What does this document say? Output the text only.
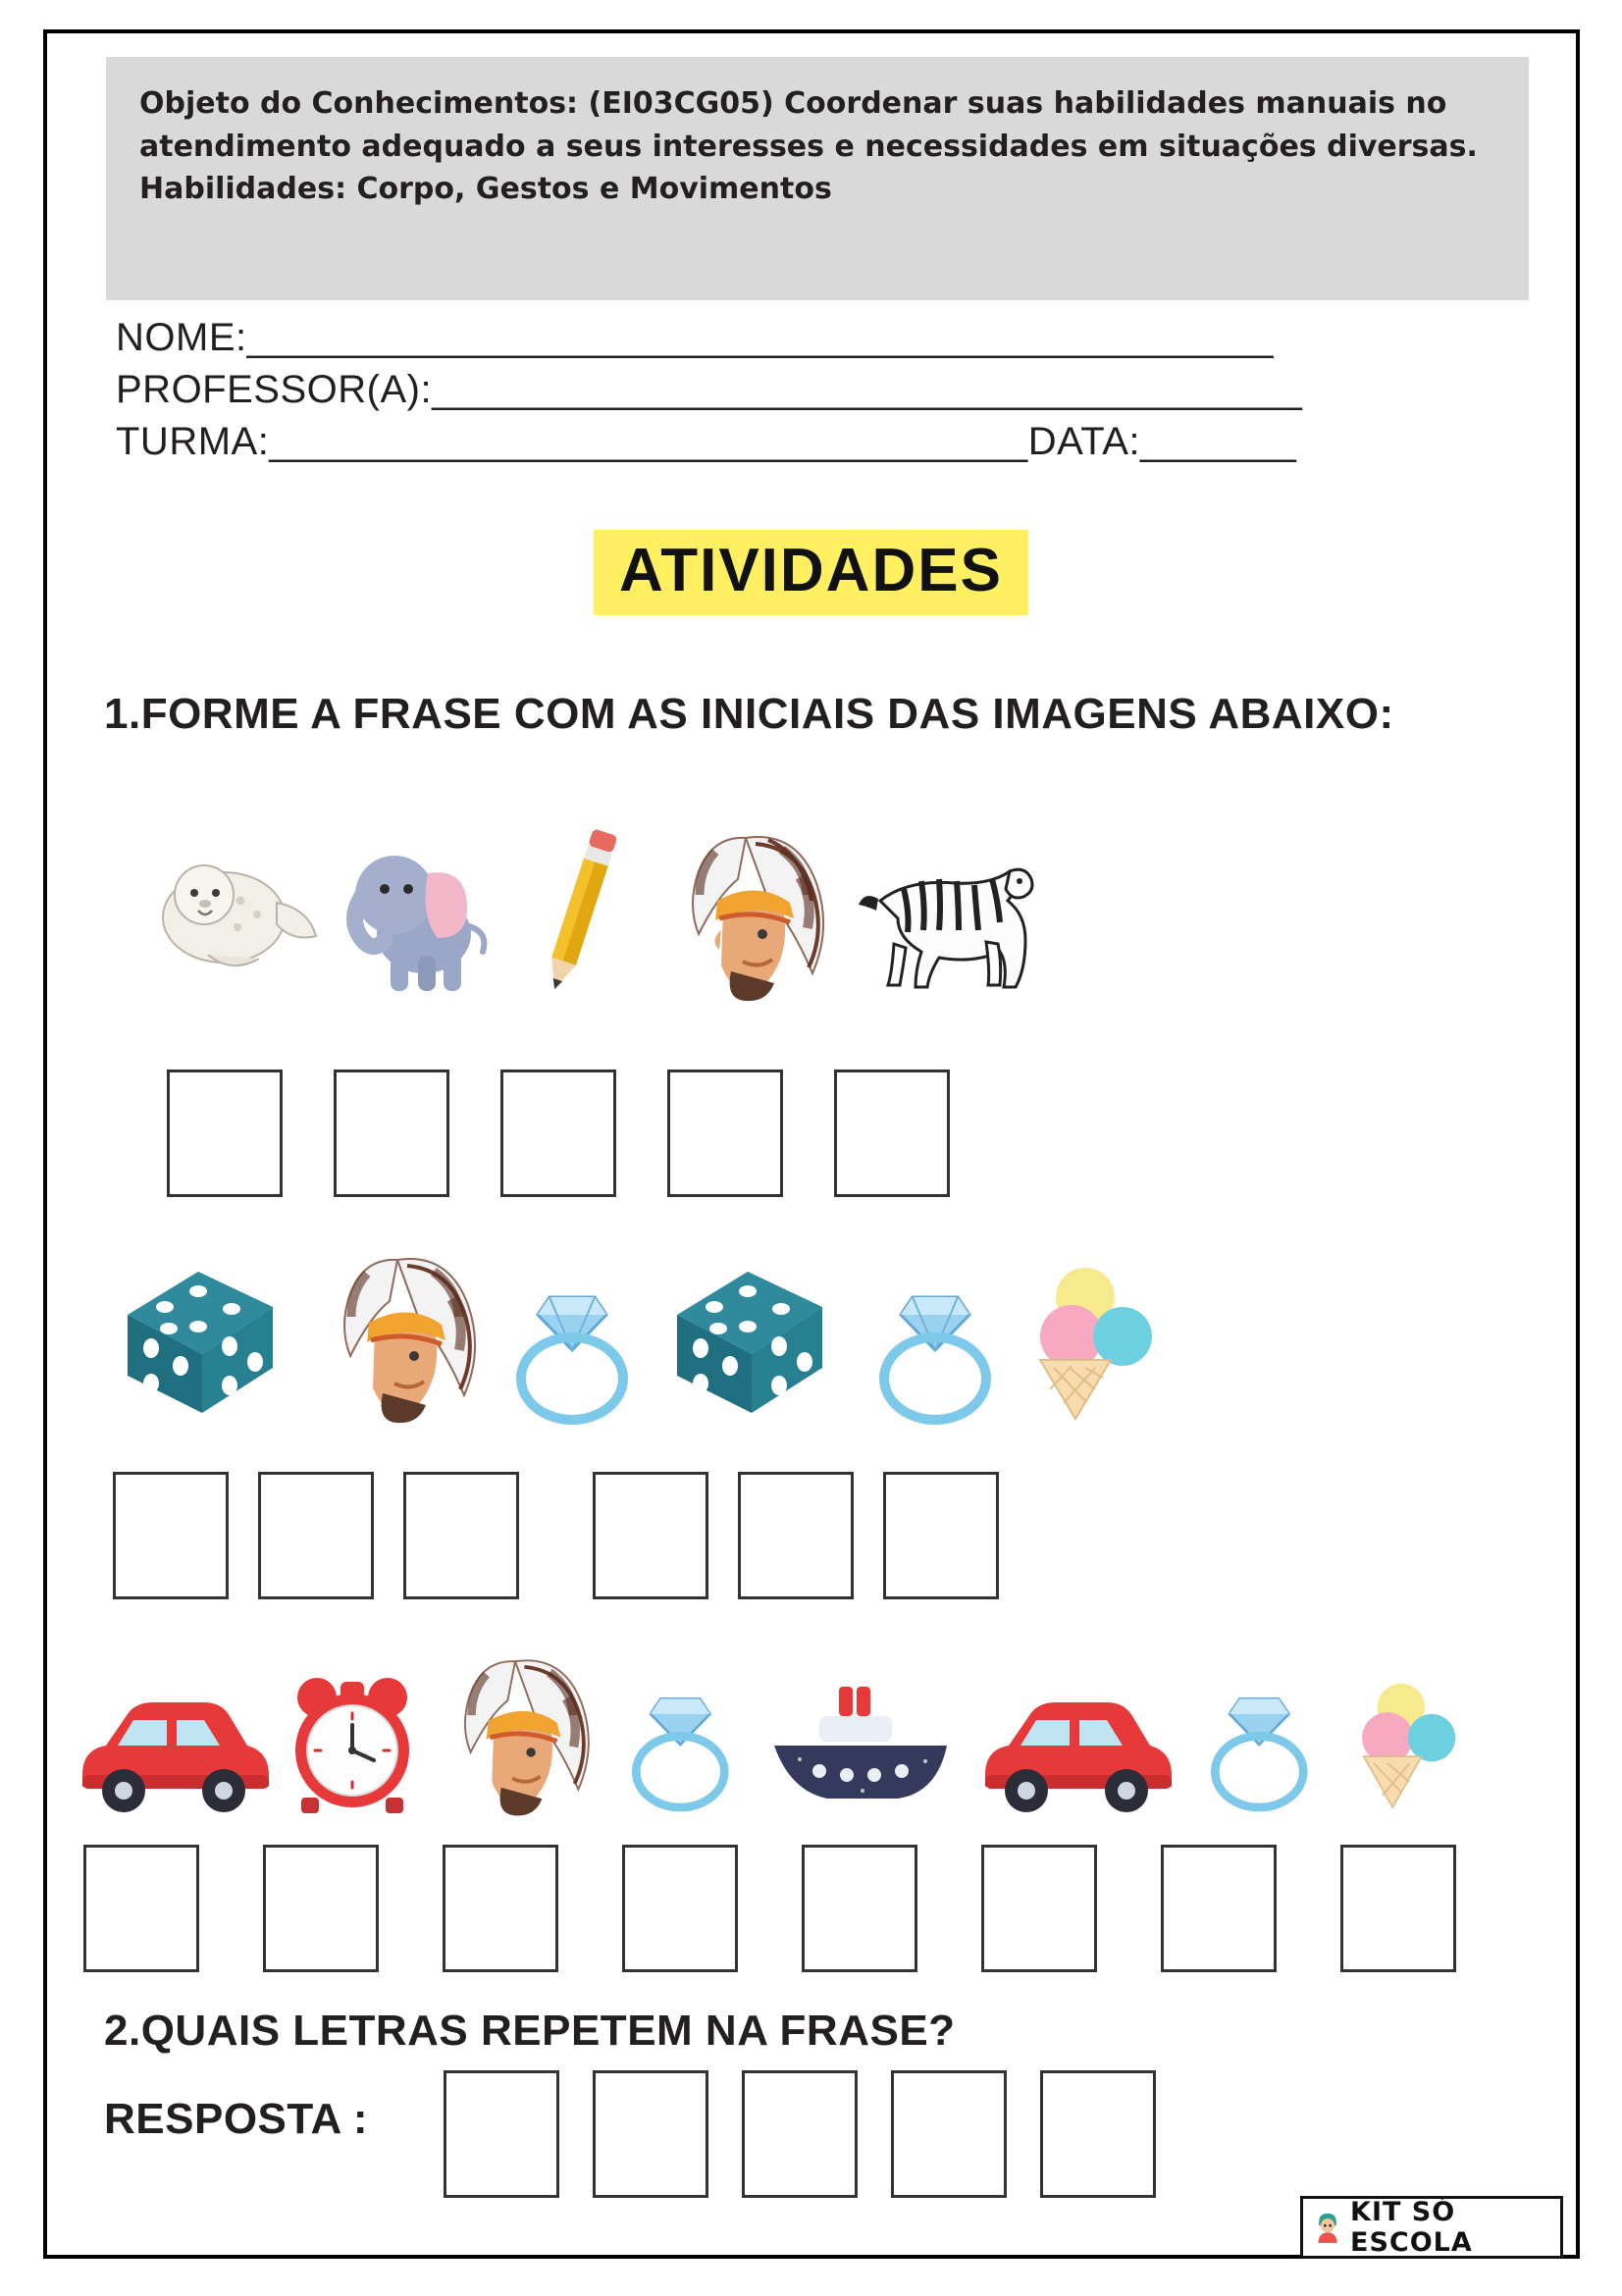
Objeto do Conhecimentos: (EI03CG05) Coordenar suas habilidades manuais no

atendimento adequado a seus interesses e necessidades em situações diversas.

Habilidades: Corpo, Gestos e Movimentos

NOME:______________________________________________
PROFESSOR(A):_______________________________________
TURMA:__________________________________DATA:_______
ATIVIDADES
1.FORME A FRASE COM AS INICIAIS DAS IMAGENS ABAIXO:
2.QUAIS LETRAS REPETEM NA FRASE?
RESPOSTA :
KIT SÓ ESCOLA
